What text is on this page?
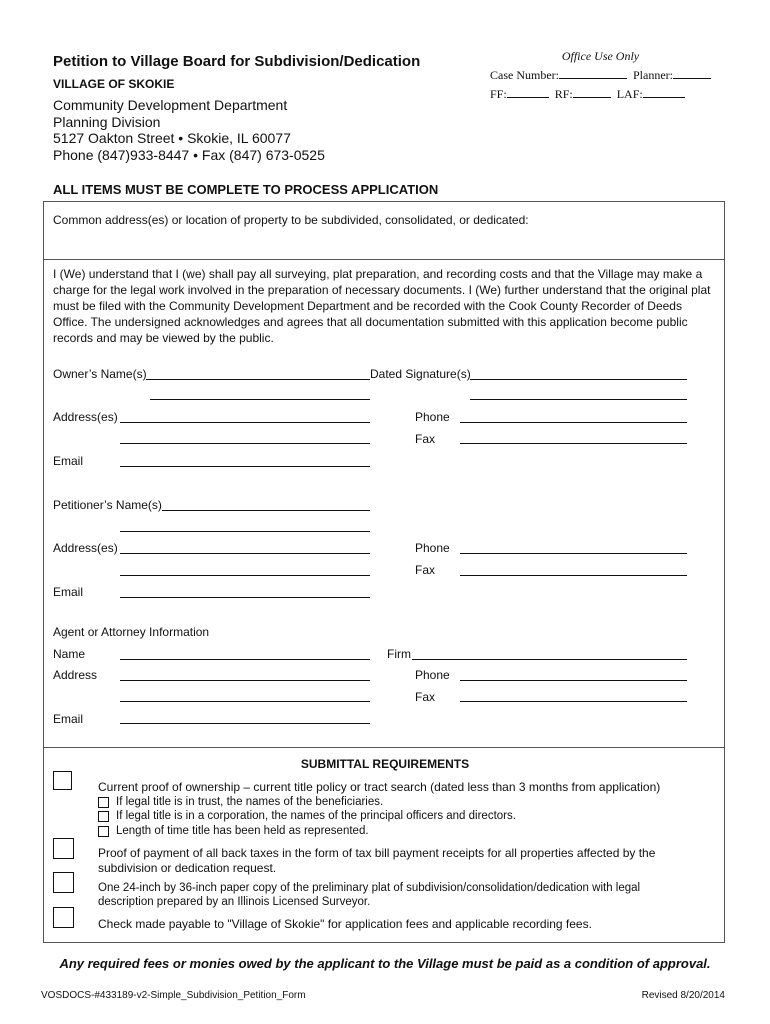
Petition to Village Board for Subdivision/Dedication
VILLAGE OF SKOKIE
Community Development Department
Planning Division
5127 Oakton Street • Skokie, IL 60077
Phone (847)933-8447 • Fax (847) 673-0525
Office Use Only
Case Number:	Planner:
FF:	RF:	LAF:
ALL ITEMS MUST BE COMPLETE TO PROCESS APPLICATION
Common address(es) or location of property to be subdivided, consolidated, or dedicated:
I (We) understand that I (we) shall pay all surveying, plat preparation, and recording costs and that the Village may make a charge for the legal work involved in the preparation of necessary documents. I (We) further understand that the original plat must be filed with the Community Development Department and be recorded with the Cook County Recorder of Deeds Office. The undersigned acknowledges and agrees that all documentation submitted with this application become public records and may be viewed by the public.
Owner’s Name(s)	Dated Signature(s)
Address(es)	Phone
Fax
Email
Petitioner’s Name(s)
Address(es)	Phone
Fax
Email
Agent or Attorney Information
Name	Firm
Address	Phone
Fax
Email
SUBMITTAL REQUIREMENTS
Current proof of ownership – current title policy or tract search (dated less than 3 months from application)
If legal title is in trust, the names of the beneficiaries.
If legal title is in a corporation, the names of the principal officers and directors.
Length of time title has been held as represented.
Proof of payment of all back taxes in the form of tax bill payment receipts for all properties affected by the subdivision or dedication request.
One 24-inch by 36-inch paper copy of the preliminary plat of subdivision/consolidation/dedication with legal description prepared by an Illinois Licensed Surveyor.
Check made payable to "Village of Skokie" for application fees and applicable recording fees.
Any required fees or monies owed by the applicant to the Village must be paid as a condition of approval.
VOSDOCS-#433189-v2-Simple_Subdivision_Petition_Form	Revised 8/20/2014
